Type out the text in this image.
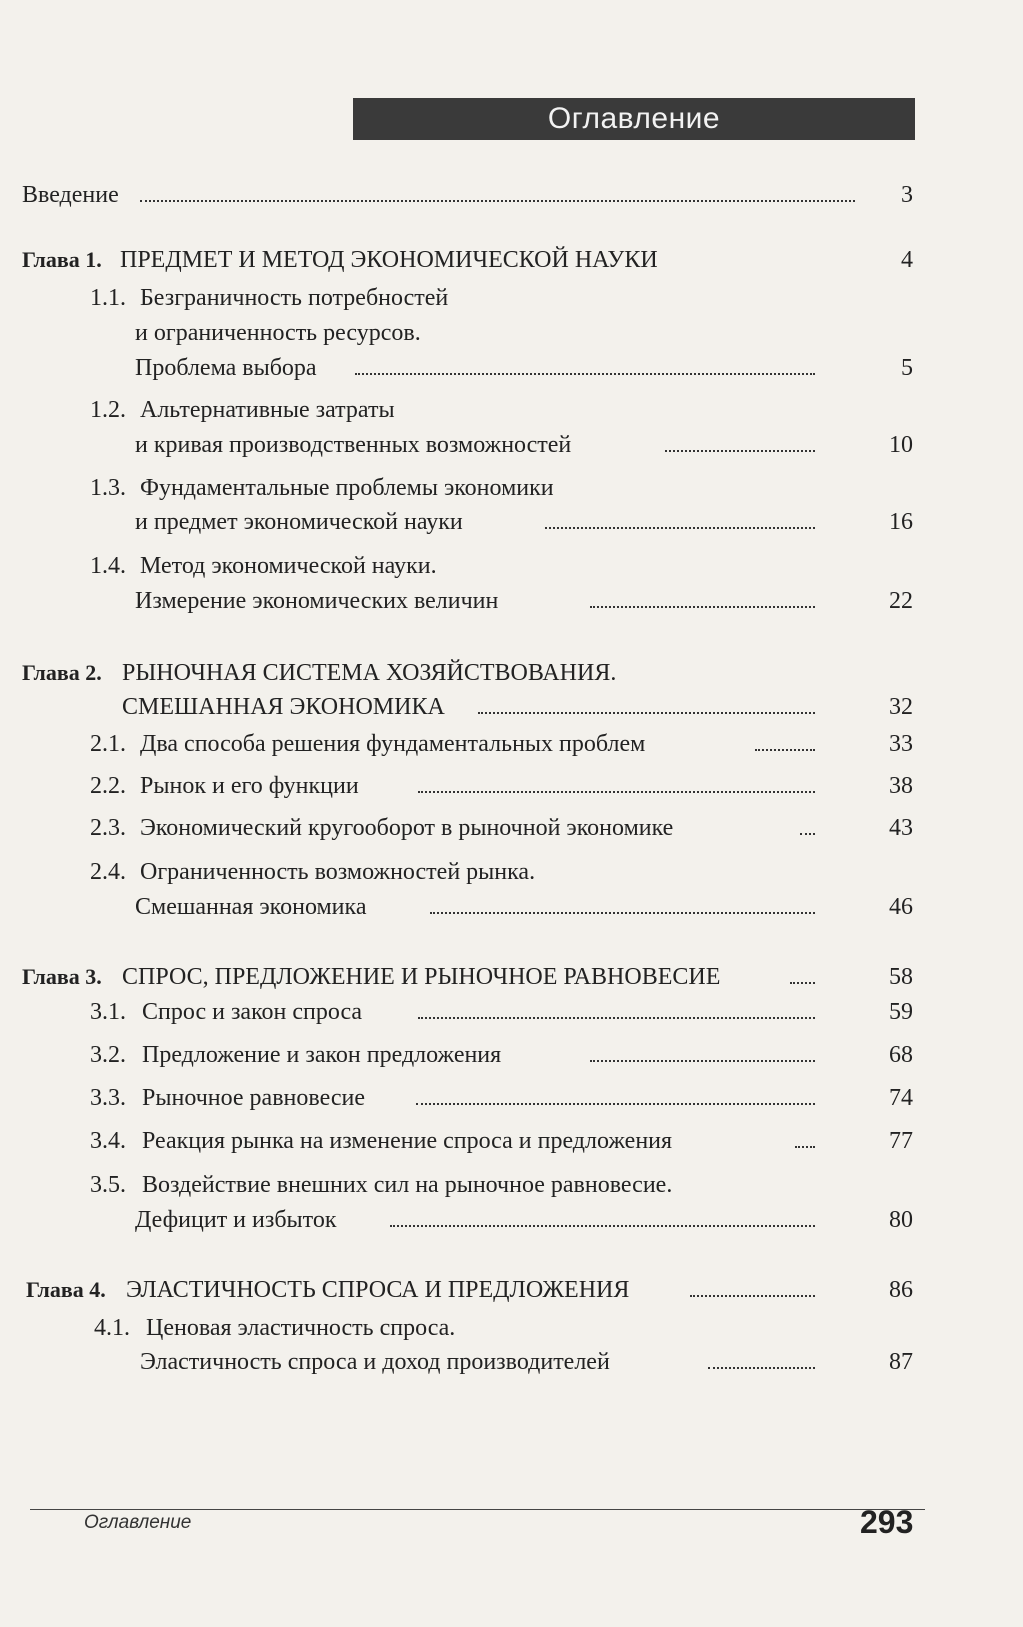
Оглавление
Введение	3
Глава 1. ПРЕДМЕТ И МЕТОД ЭКОНОМИЧЕСКОЙ НАУКИ	4
1.1. Безграничность потребностей
и ограниченность ресурсов.
Проблема выбора	5
1.2. Альтернативные затраты
и кривая производственных возможностей	10
1.3. Фундаментальные проблемы экономики
и предмет экономической науки	16
1.4. Метод экономической науки.
Измерение экономических величин	22
Глава 2. РЫНОЧНАЯ СИСТЕМА ХОЗЯЙСТВОВАНИЯ.
СМЕШАННАЯ ЭКОНОМИКА	32
2.1. Два способа решения фундаментальных проблем	33
2.2. Рынок и его функции	38
2.3. Экономический кругооборот в рыночной экономике	43
2.4. Ограниченность возможностей рынка.
Смешанная экономика	46
Глава 3. СПРОС, ПРЕДЛОЖЕНИЕ И РЫНОЧНОЕ РАВНОВЕСИЕ	58
3.1. Спрос и закон спроса	59
3.2. Предложение и закон предложения	68
3.3. Рыночное равновесие	74
3.4. Реакция рынка на изменение спроса и предложения	77
3.5. Воздействие внешних сил на рыночное равновесие.
Дефицит и избыток	80
Глава 4. ЭЛАСТИЧНОСТЬ СПРОСА И ПРЕДЛОЖЕНИЯ	86
4.1. Ценовая эластичность спроса.
Эластичность спроса и доход производителей	87
Оглавление	293
